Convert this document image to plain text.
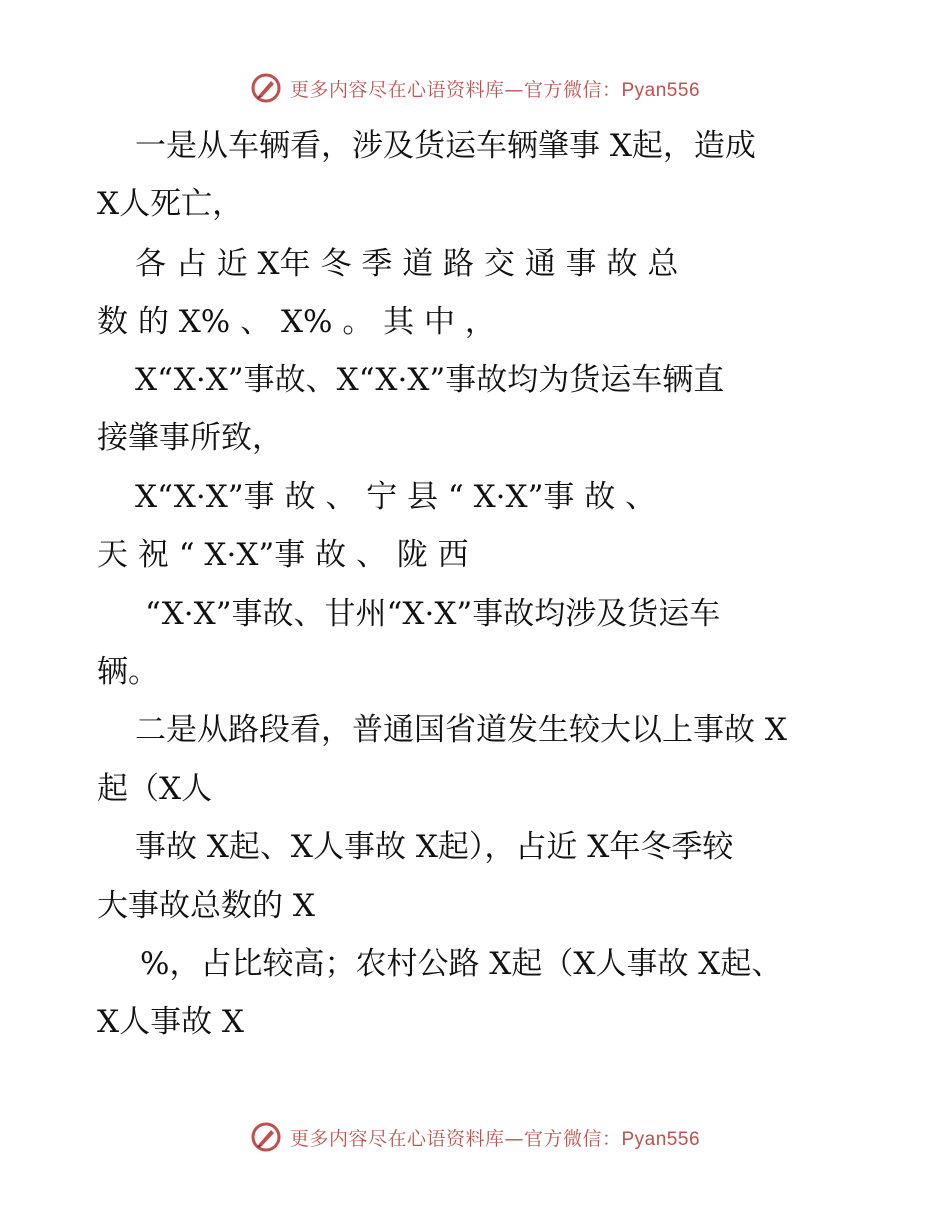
更多内容尽在心语资料库—官方微信：Pyan556
一是从车辆看，涉及货运车辆肇事 X起，造成
X人死亡，
各 占 近 X年 冬 季 道 路 交 通 事 故 总
数 的 X% 、 X% 。 其 中 ，
X“X·X”事故、X“X·X”事故均为货运车辆直
接肇事所致，
X“X·X”事 故 、 宁 县 “ X·X”事 故 、
天 祝 “ X·X”事 故 、 陇 西
“X·X”事故、甘州“X·X”事故均涉及货运车
辆。
二是从路段看，普通国省道发生较大以上事故 X
起（X人
事故 X起、X人事故 X起），占近 X年冬季较
大事故总数的 X
%，占比较高；农村公路 X起（X人事故 X起、
X人事故 X
更多内容尽在心语资料库—官方微信：Pyan556
